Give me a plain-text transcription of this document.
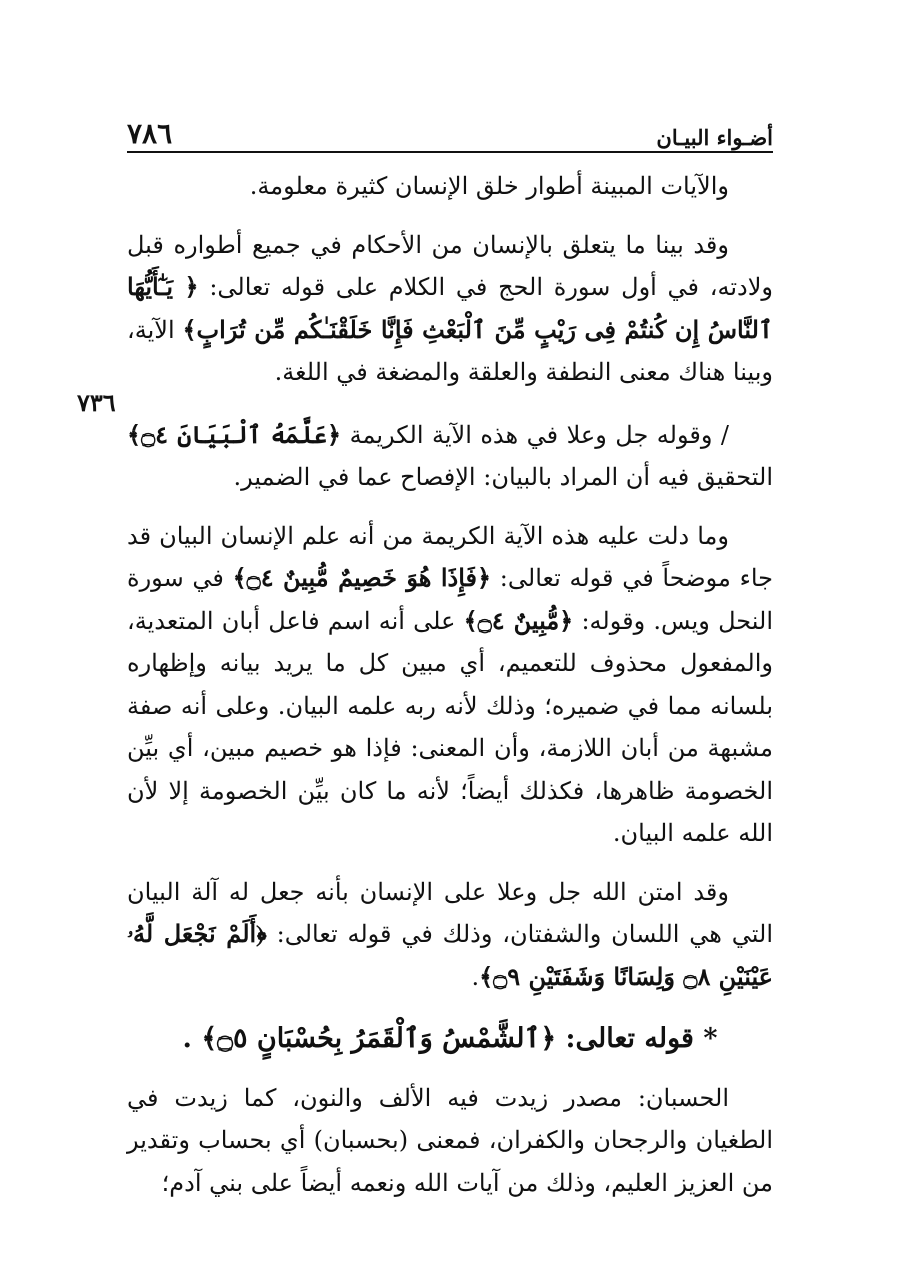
٧٨٦	أضـواء البيـان
٧٣٦

والآيات المبينة أطوار خلق الإنسان كثيرة معلومة.

وقد بينا ما يتعلق بالإنسان من الأحكام في جميع أطواره قبل ولادته، في أول سورة الحج في الكلام على قوله تعالى: ﴿ يَـٰٓأَيُّهَا ٱلنَّاسُ إِن كُنتُمْ فِى رَيْبٍ مِّنَ ٱلْبَعْثِ فَإِنَّا خَلَقْنَـٰكُم مِّن تُرَابٍ﴾ الآية، وبينا هناك معنى النطفة والعلقة والمضغة في اللغة.

/ وقوله جل وعلا في هذه الآية الكريمة ﴿عَلَّمَهُ ٱلْبَيَانَ ۝٤﴾ التحقيق فيه أن المراد بالبيان: الإفصاح عما في الضمير.

وما دلت عليه هذه الآية الكريمة من أنه علم الإنسان البيان قد جاء موضحاً في قوله تعالى: ﴿فَإِذَا هُوَ خَصِيمٌ مُّبِينٌ ۝٤﴾ في سورة النحل ويس. وقوله: ﴿مُّبِينٌ ۝٤﴾ على أنه اسم فاعل أبان المتعدية، والمفعول محذوف للتعميم، أي مبين كل ما يريد بيانه وإظهاره بلسانه مما في ضميره؛ وذلك لأنه ربه علمه البيان. وعلى أنه صفة مشبهة من أبان اللازمة، وأن المعنى: فإذا هو خصيم مبين، أي بيِّن الخصومة ظاهرها، فكذلك أيضاً؛ لأنه ما كان بيِّن الخصومة إلا لأن الله علمه البيان.

وقد امتن الله جل وعلا على الإنسان بأنه جعل له آلة البيان التي هي اللسان والشفتان، وذلك في قوله تعالى: ﴿أَلَمْ نَجْعَل لَّهُۥ عَيْنَيْنِ ۝٨ وَلِسَانًا وَشَفَتَيْنِ ۝٩﴾.

* قوله تعالى: ﴿ٱلشَّمْسُ وَٱلْقَمَرُ بِحُسْبَانٍ ۝٥﴾ .

الحسبان: مصدر زيدت فيه الألف والنون، كما زيدت في الطغيان والرجحان والكفران، فمعنى (بحسبان) أي بحساب وتقدير من العزيز العليم، وذلك من آيات الله ونعمه أيضاً على بني آدم؛
